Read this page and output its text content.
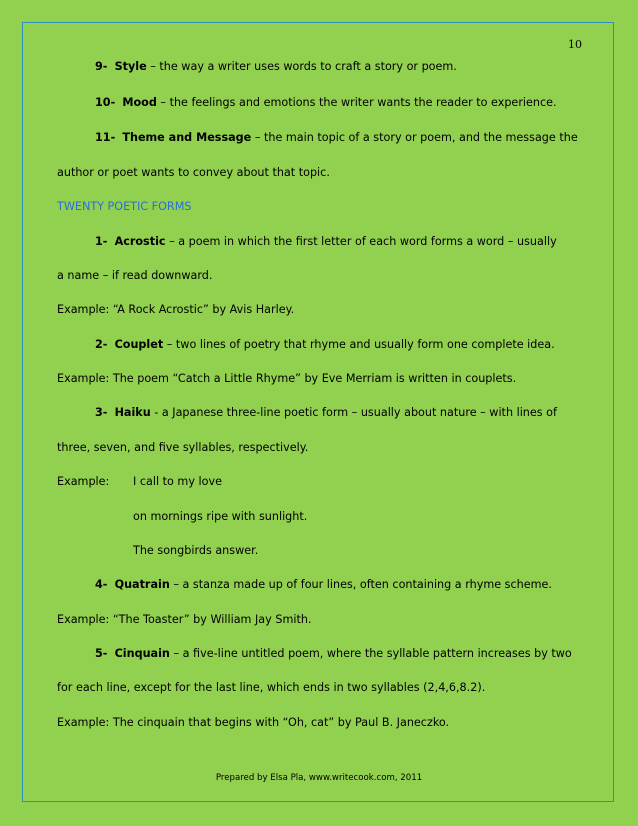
10
9- Style – the way a writer uses words to craft a story or poem.
10- Mood – the feelings and emotions the writer wants the reader to experience.
11- Theme and Message – the main topic of a story or poem, and the message the
author or poet wants to convey about that topic.
TWENTY POETIC FORMS
1- Acrostic – a poem in which the first letter of each word forms a word – usually
a name – if read downward.
Example: “A Rock Acrostic” by Avis Harley.
2- Couplet – two lines of poetry that rhyme and usually form one complete idea.
Example: The poem “Catch a Little Rhyme” by Eve Merriam is written in couplets.
3- Haiku - a Japanese three-line poetic form – usually about nature – with lines of
three, seven, and five syllables, respectively.
Example: I call to my love
on mornings ripe with sunlight.
The songbirds answer.
4- Quatrain – a stanza made up of four lines, often containing a rhyme scheme.
Example: “The Toaster” by William Jay Smith.
5- Cinquain – a five-line untitled poem, where the syllable pattern increases by two
for each line, except for the last line, which ends in two syllables (2,4,6,8.2).
Example: The cinquain that begins with “Oh, cat” by Paul B. Janeczko.
Prepared by Elsa Pla, www.writecook.com, 2011
